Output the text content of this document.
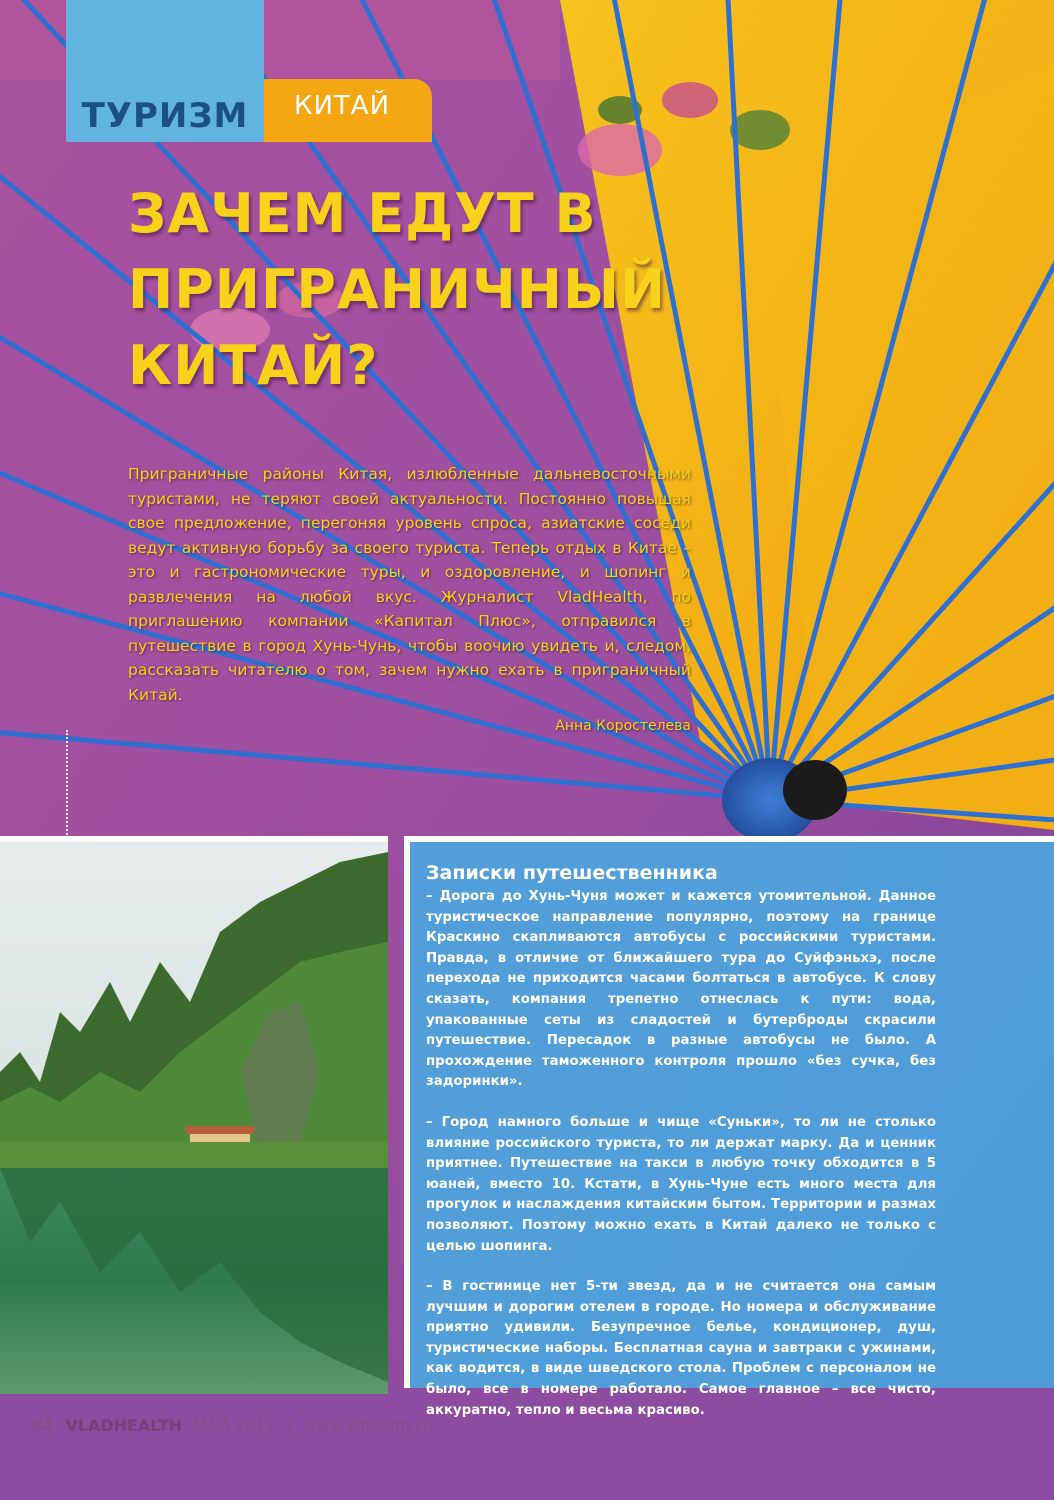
ТУРИЗМ	КИТАЙ
ЗАЧЕМ ЕДУТ В
ПРИГРАНИЧНЫЙ
КИТАЙ?
Приграничные районы Китая, излюбленные дальневосточными туристами, не теряют своей актуальности. Постоянно повышая свое предложение, перегоняя уровень спроса, азиатские соседи ведут активную борьбу за своего туриста. Теперь отдых в Китае – это и гастрономические туры, и оздоровление, и шопинг и развлечения на любой вкус. Журналист VladHealth, по приглашению компании «Капитал Плюс», отправился в путешествие в город Хунь-Чунь, чтобы воочию увидеть и, следом, рассказать читателю о том, зачем нужно ехать в приграничный Китай.
Анна Коростелева
Записки путешественника

– Дорога до Хунь-Чуня может и кажется утомительной. Данное туристическое направление популярно, поэтому на границе Краскино скапливаются автобусы с российскими туристами. Правда, в отличие от ближайшего тура до Суйфэньхэ, после перехода не приходится часами болтаться в автобусе. К слову сказать, компания трепетно отнеслась к пути: вода, упакованные сеты из сладостей и бутерброды скрасили путешествие. Пересадок в разные автобусы не было. А прохождение таможенного контроля прошло «без сучка, без задоринки».

– Город намного больше и чище «Суньки», то ли не столько влияние российского туриста, то ли держат марку. Да и ценник приятнее. Путешествие на такси в любую точку обходится в 5 юаней, вместо 10. Кстати, в Хунь-Чуне есть много места для прогулок и наслаждения китайским бытом. Территории и размах позволяют. Поэтому можно ехать в Китай далеко не только с целью шопинга.

– В гостинице нет 5-ти звезд, да и не считается она самым лучшим и дорогим отелем в городе. Но номера и обслуживание приятно удивили. Безупречное белье, кондиционер, душ, туристические наборы. Бесплатная сауна и завтраки с ужинами, как водится, в виде шведского стола. Проблем с персоналом не было, все в номере работало. Самое главное – все чисто, аккуратно, тепло и весьма красиво.

84 VLADHEALTH МАЙ 2012 | www.vlhealth.ru
